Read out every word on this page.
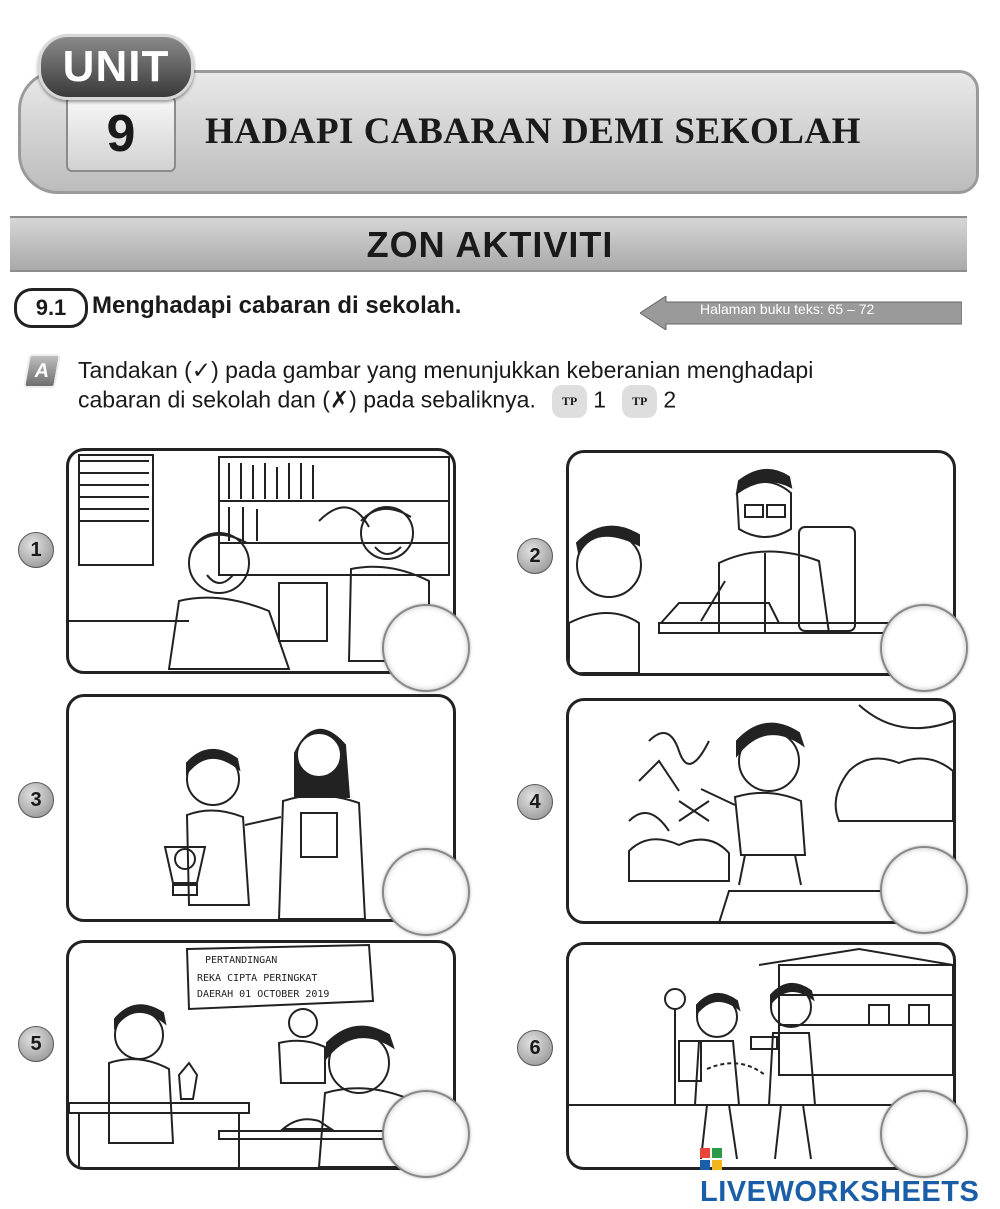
UNIT
9	HADAPI CABARAN DEMI SEKOLAH
ZON AKTIVITI
9.1	Menghadapi cabaran di sekolah.	Halaman buku teks: 65 – 72
A	Tandakan (✓) pada gambar yang menunjukkan keberanian menghadapi
cabaran di sekolah dan (✗) pada sebaliknya. TP 1 TP 2
1	2
3	4
5
PERTANDINGAN
REKA CIPTA PERINGKAT
DAERAH 01 OCTOBER 2019
6
LIVEWORKSHEETS
